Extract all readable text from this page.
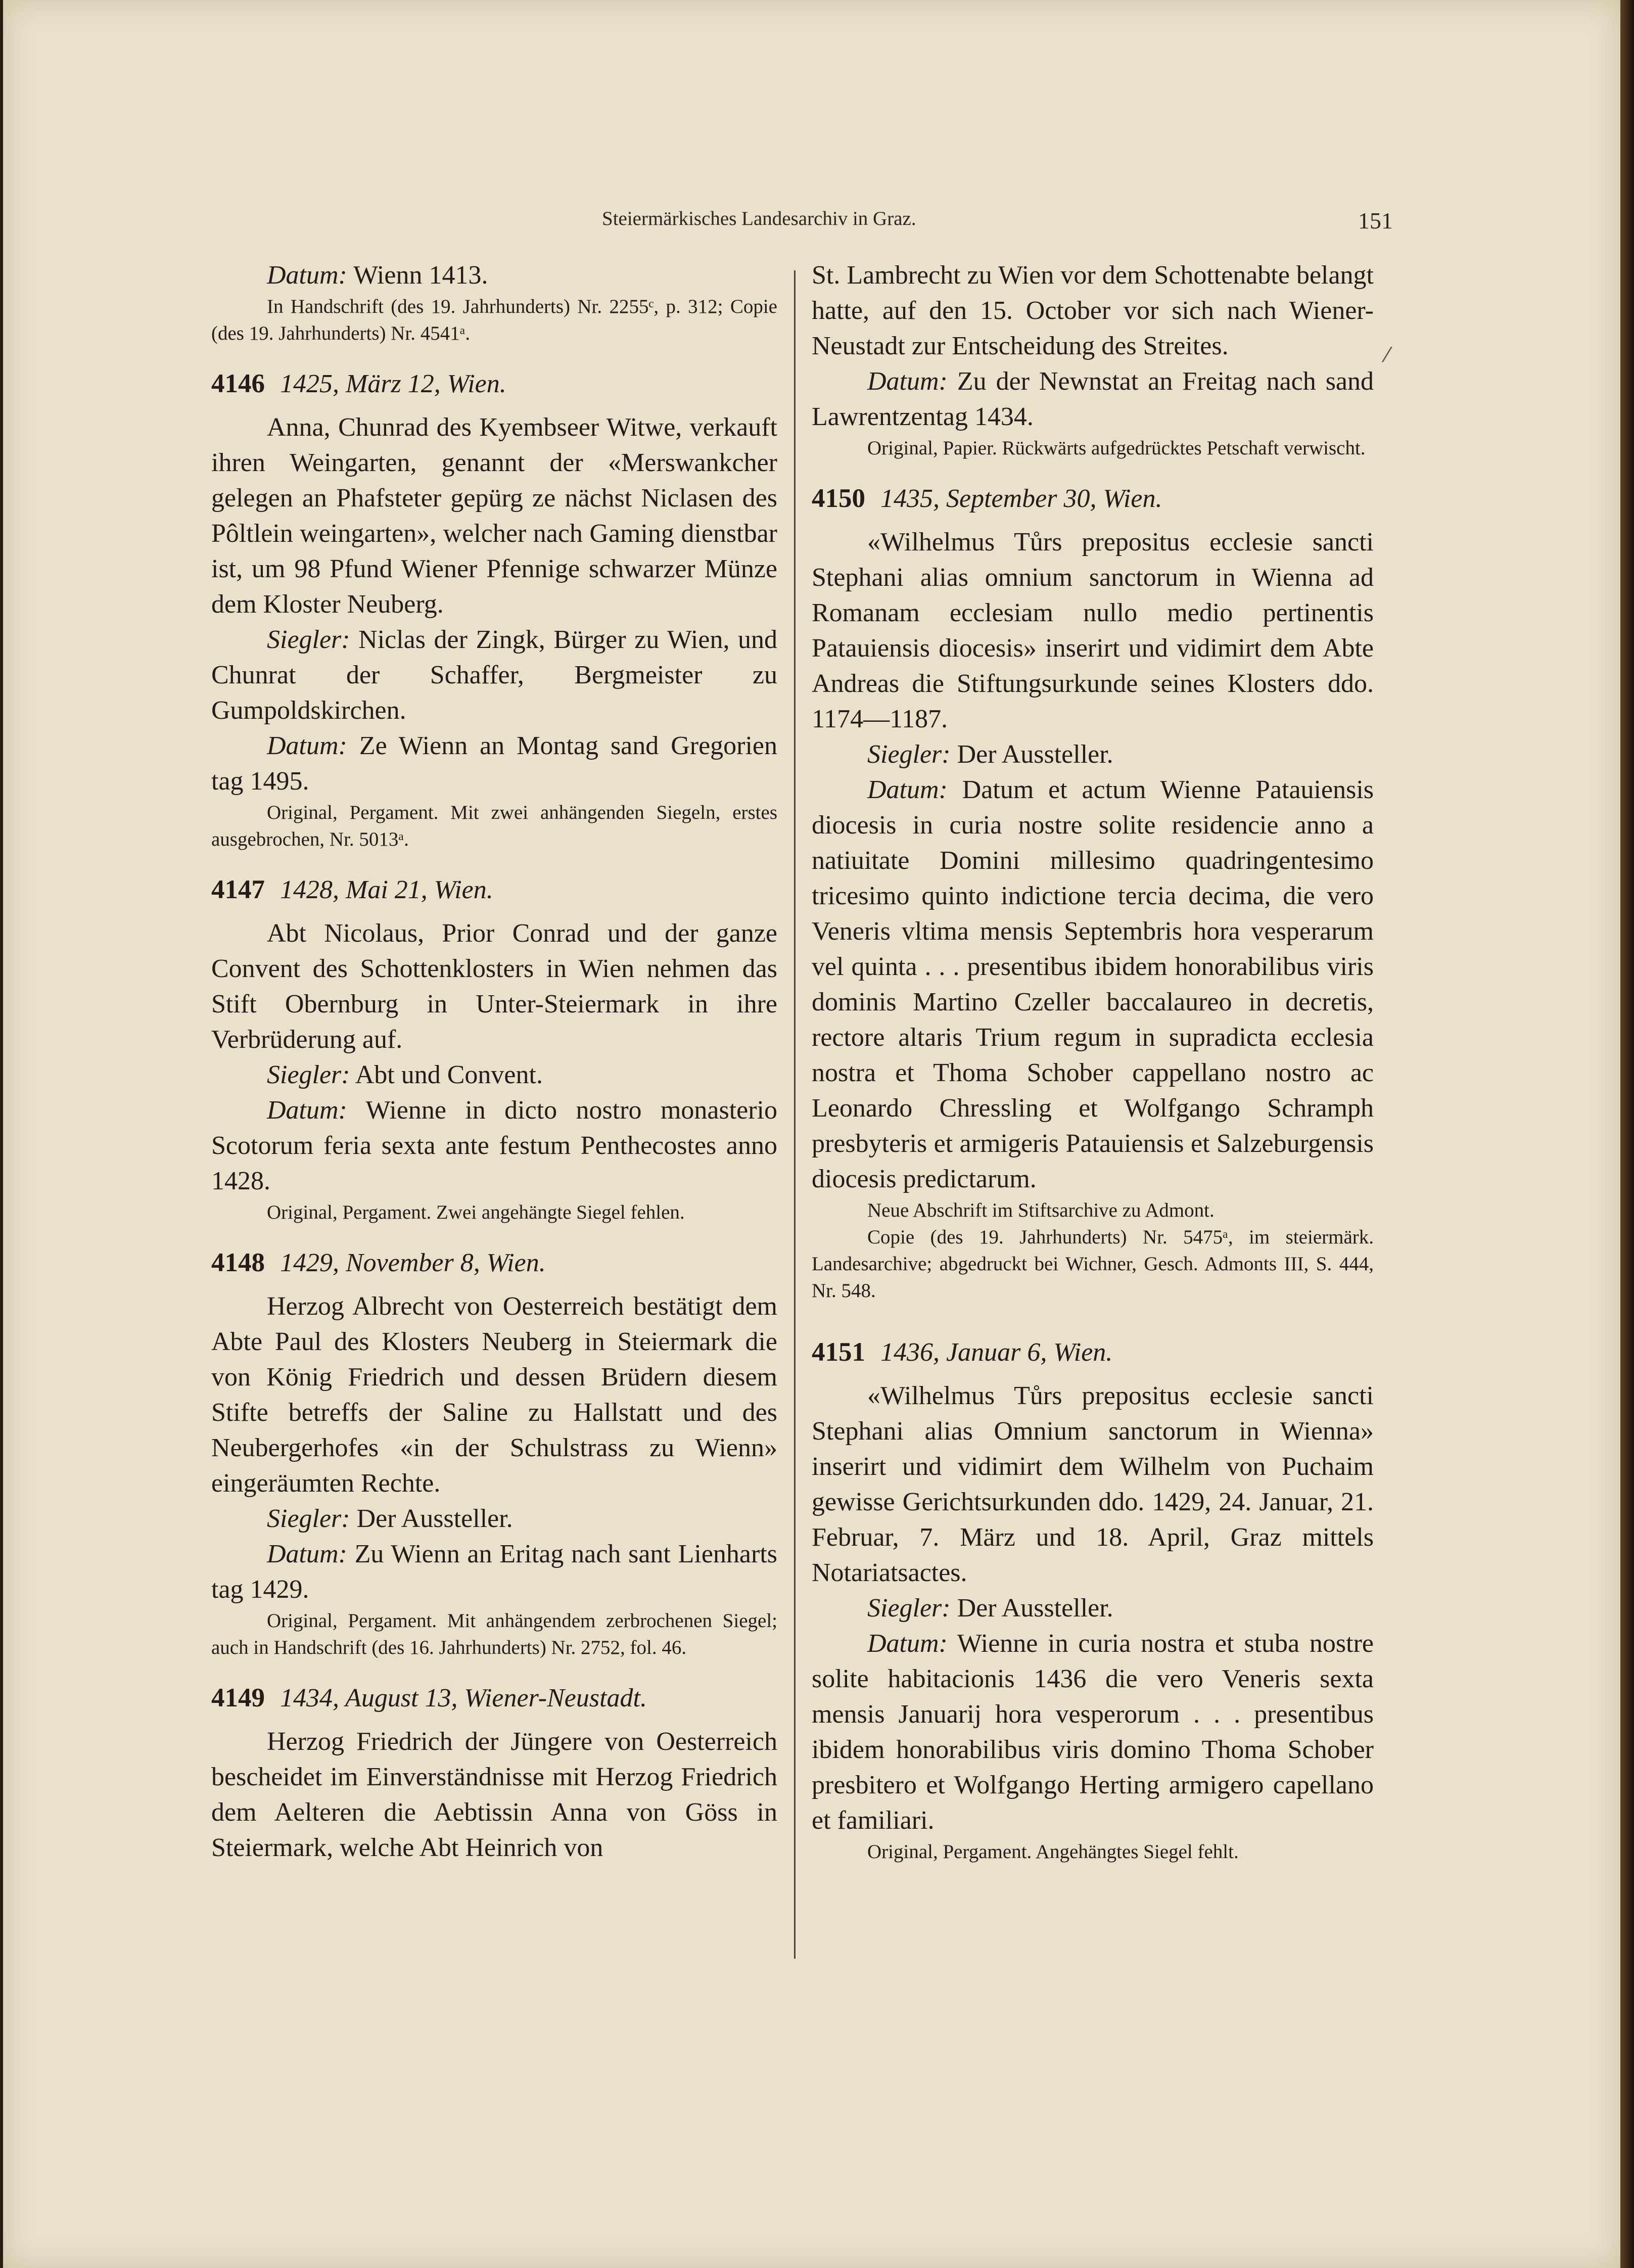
Steiermärkisches Landesarchiv in Graz.	151
⁄

Datum: Wienn 1413.

In Handschrift (des 19. Jahrhunderts) Nr. 2255ᶜ, p. 312; Copie (des 19. Jahrhunderts) Nr. 4541ᵃ.

4146 1425, März 12, Wien.

Anna, Chunrad des Kyembseer Witwe, verkauft ihren Weingarten, genannt der «Merswankcher gelegen an Phafsteter gepürg ze nächst Niclasen des Pôltlein weingarten», welcher nach Gaming dienstbar ist, um 98 Pfund Wiener Pfennige schwarzer Münze dem Kloster Neuberg.

Siegler: Niclas der Zingk, Bürger zu Wien, und Chunrat der Schaffer, Bergmeister zu Gumpoldskirchen.

Datum: Ze Wienn an Montag sand Gregorien tag 1495.

Original, Pergament. Mit zwei anhängenden Siegeln, erstes ausgebrochen, Nr. 5013ᵃ.

4147 1428, Mai 21, Wien.

Abt Nicolaus, Prior Conrad und der ganze Convent des Schottenklosters in Wien nehmen das Stift Obernburg in Unter-Steiermark in ihre Verbrüderung auf.

Siegler: Abt und Convent.

Datum: Wienne in dicto nostro monasterio Scotorum feria sexta ante festum Penthecostes anno 1428.

Original, Pergament. Zwei angehängte Siegel fehlen.

4148 1429, November 8, Wien.

Herzog Albrecht von Oesterreich bestätigt dem Abte Paul des Klosters Neuberg in Steiermark die von König Friedrich und dessen Brüdern diesem Stifte betreffs der Saline zu Hallstatt und des Neubergerhofes «in der Schulstrass zu Wienn» eingeräumten Rechte.

Siegler: Der Aussteller.

Datum: Zu Wienn an Eritag nach sant Lienharts tag 1429.

Original, Pergament. Mit anhängendem zerbrochenen Siegel; auch in Handschrift (des 16. Jahrhunderts) Nr. 2752, fol. 46.

4149 1434, August 13, Wiener-Neustadt.

Herzog Friedrich der Jüngere von Oesterreich bescheidet im Einverständnisse mit Herzog Friedrich dem Aelteren die Aebtissin Anna von Göss in Steiermark, welche Abt Heinrich von

St. Lambrecht zu Wien vor dem Schottenabte belangt hatte, auf den 15. October vor sich nach Wiener-Neustadt zur Entscheidung des Streites.

Datum: Zu der Newnstat an Freitag nach sand Lawrentzentag 1434.

Original, Papier. Rückwärts aufgedrücktes Petschaft verwischt.

4150 1435, September 30, Wien.

«Wilhelmus Tůrs prepositus ecclesie sancti Stephani alias omnium sanctorum in Wienna ad Romanam ecclesiam nullo medio pertinentis Patauiensis diocesis» inserirt und vidimirt dem Abte Andreas die Stiftungsurkunde seines Klosters ddo. 1174—1187.

Siegler: Der Aussteller.

Datum: Datum et actum Wienne Patauiensis diocesis in curia nostre solite residencie anno a natiuitate Domini millesimo quadringentesimo tricesimo quinto indictione tercia decima, die vero Veneris vltima mensis Septembris hora vesperarum vel quinta . . . presentibus ibidem honorabilibus viris dominis Martino Czeller baccalaureo in decretis, rectore altaris Trium regum in supradicta ecclesia nostra et Thoma Schober cappellano nostro ac Leonardo Chressling et Wolfgango Schramph presbyteris et armigeris Patauiensis et Salzeburgensis diocesis predictarum.

Neue Abschrift im Stiftsarchive zu Admont.

Copie (des 19. Jahrhunderts) Nr. 5475ᵃ, im steiermärk. Landesarchive; abgedruckt bei Wichner, Gesch. Admonts III, S. 444, Nr. 548.

4151 1436, Januar 6, Wien.

«Wilhelmus Tůrs prepositus ecclesie sancti Stephani alias Omnium sanctorum in Wienna» inserirt und vidimirt dem Wilhelm von Puchaim gewisse Gerichtsurkunden ddo. 1429, 24. Januar, 21. Februar, 7. März und 18. April, Graz mittels Notariatsactes.

Siegler: Der Aussteller.

Datum: Wienne in curia nostra et stuba nostre solite habitacionis 1436 die vero Veneris sexta mensis Januarij hora vesperorum . . . presentibus ibidem honorabilibus viris domino Thoma Schober presbitero et Wolfgango Herting armigero capellano et familiari.

Original, Pergament. Angehängtes Siegel fehlt.
